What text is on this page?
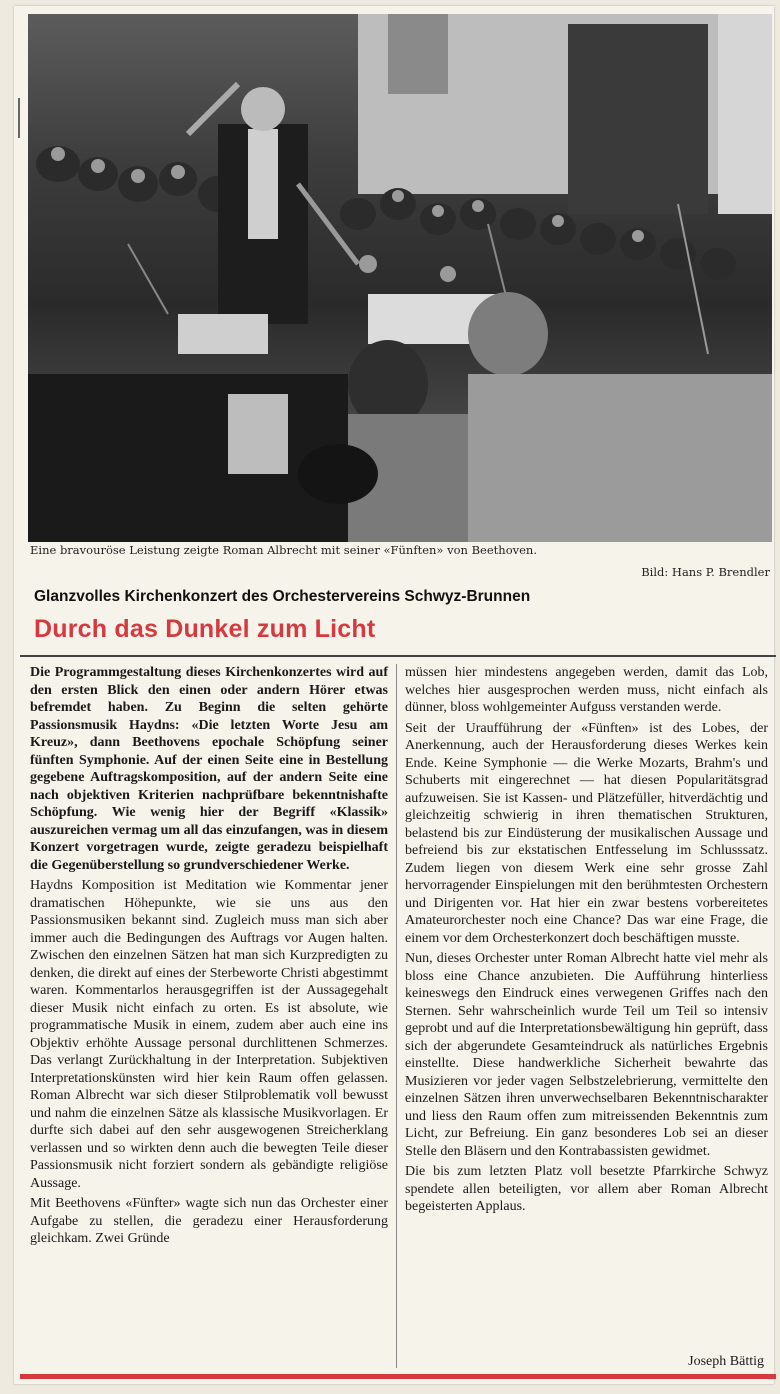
Eine bravouröse Leistung zeigte Roman Albrecht mit seiner «Fünften» von Beethoven.
Bild: Hans P. Brendler
Glanzvolles Kirchenkonzert des Orchestervereins Schwyz-Brunnen
Durch das Dunkel zum Licht

Die Programmgestaltung dieses Kirchenkonzertes wird auf den ersten Blick den einen oder andern Hörer etwas befremdet haben. Zu Beginn die selten gehörte Passionsmusik Haydns: «Die letzten Worte Jesu am Kreuz», dann Beethovens epochale Schöpfung seiner fünften Symphonie. Auf der einen Seite eine in Bestellung gegebene Auftragskomposition, auf der andern Seite eine nach objektiven Kriterien nachprüfbare bekenntnishafte Schöpfung. Wie wenig hier der Begriff «Klassik» auszureichen vermag um all das einzufangen, was in diesem Konzert vorgetragen wurde, zeigte geradezu beispielhaft die Gegenüberstellung so grundverschiedener Werke.

Haydns Komposition ist Meditation wie Kommentar jener dramatischen Höhepunkte, wie sie uns aus den Passionsmusiken bekannt sind. Zugleich muss man sich aber immer auch die Bedingungen des Auftrags vor Augen halten. Zwischen den einzelnen Sätzen hat man sich Kurzpredigten zu denken, die direkt auf eines der Sterbeworte Christi abgestimmt waren. Kommentarlos herausgegriffen ist der Aussagegehalt dieser Musik nicht einfach zu orten. Es ist absolute, wie programmatische Musik in einem, zudem aber auch eine ins Objektiv erhöhte Aussage personal durchlittenen Schmerzes. Das verlangt Zurückhaltung in der Interpretation. Subjektiven Interpretationskünsten wird hier kein Raum offen gelassen. Roman Albrecht war sich dieser Stilproblematik voll bewusst und nahm die einzelnen Sätze als klassische Musikvorlagen. Er durfte sich dabei auf den sehr ausgewogenen Streicherklang verlassen und so wirkten denn auch die bewegten Teile dieser Passionsmusik nicht forziert sondern als gebändigte religiöse Aussage.

Mit Beethovens «Fünfter» wagte sich nun das Orchester einer Aufgabe zu stellen, die geradezu einer Herausforderung gleichkam. Zwei Gründe

müssen hier mindestens angegeben werden, damit das Lob, welches hier ausgesprochen werden muss, nicht einfach als dünner, bloss wohlgemeinter Aufguss verstanden werde.

Seit der Uraufführung der «Fünften» ist des Lobes, der Anerkennung, auch der Herausforderung dieses Werkes kein Ende. Keine Symphonie — die Werke Mozarts, Brahm's und Schuberts mit eingerechnet — hat diesen Popularitätsgrad aufzuweisen. Sie ist Kassen- und Plätzefüller, hitverdächtig und gleichzeitig schwierig in ihren thematischen Strukturen, belastend bis zur Eindüsterung der musikalischen Aussage und befreiend bis zur ekstatischen Entfesselung im Schlusssatz. Zudem liegen von diesem Werk eine sehr grosse Zahl hervorragender Einspielungen mit den berühmtesten Orchestern und Dirigenten vor. Hat hier ein zwar bestens vorbereitetes Amateurorchester noch eine Chance? Das war eine Frage, die einem vor dem Orchesterkonzert doch beschäftigen musste.

Nun, dieses Orchester unter Roman Albrecht hatte viel mehr als bloss eine Chance anzubieten. Die Aufführung hinterliess keineswegs den Eindruck eines verwegenen Griffes nach den Sternen. Sehr wahrscheinlich wurde Teil um Teil so intensiv geprobt und auf die Interpretationsbewältigung hin geprüft, dass sich der abgerundete Gesamteindruck als natürliches Ergebnis einstellte. Diese handwerkliche Sicherheit bewahrte das Musizieren vor jeder vagen Selbstzelebrierung, vermittelte den einzelnen Sätzen ihren unverwechselbaren Bekenntnischarakter und liess den Raum offen zum mitreissenden Bekenntnis zum Licht, zur Befreiung. Ein ganz besonderes Lob sei an dieser Stelle den Bläsern und den Kontrabassisten gewidmet.

Die bis zum letzten Platz voll besetzte Pfarrkirche Schwyz spendete allen beteiligten, vor allem aber Roman Albrecht begeisterten Applaus.

Joseph Bättig
